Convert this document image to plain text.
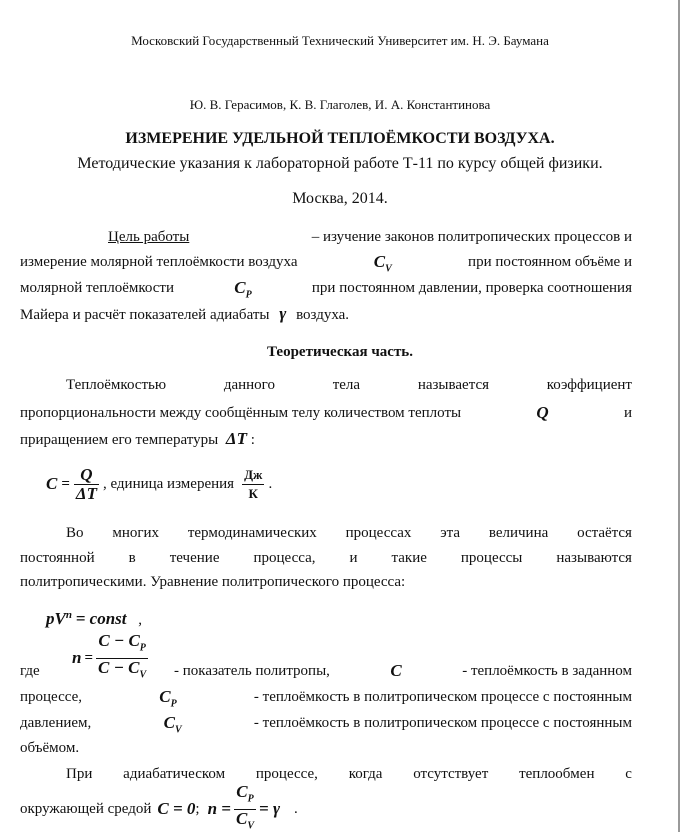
Московский Государственный Технический Университет им. Н. Э. Баумана
Ю. В. Герасимов, К. В. Глаголев, И. А. Константинова
ИЗМЕРЕНИЕ УДЕЛЬНОЙ ТЕПЛОЁМКОСТИ ВОЗДУХА.
Методические указания к лабораторной работе Т-11 по курсу общей физики.
Москва, 2014.
Цель работы	– изучение законов политропических процессов и
измерение молярной теплоёмкости воздуха	$C_V$	при постоянном объёме и
молярной теплоёмкости	$C_P$	при постоянном давлении, проверка соотношения
Майера и расчёт показателей адиабаты γ воздуха.
Теоретическая часть.
Теплоёмкостью	данного	тела	называется	коэффициент
пропорциональности между сообщённым телу количеством теплоты	Q	и
приращением его температуры ΔT :
$C = \frac{Q}{\Delta T}$ , единица измерения $\frac{Дж}{К}$ .
Во многих термодинамических процессах эта величина остаётся
постоянной в течение процесса, и такие процессы называются
политропическими. Уравнение политропического процесса:
$pV^n$ = const ,
где
$n = \frac{C - C_P}{C - C_V}$ - показатель политропы,	C	- теплоёмкость в заданном
процессе,	$C_P$	- теплоёмкость в политропическом процессе с постоянным
давлением,	$C_V$	- теплоёмкость в политропическом процессе с постоянным
объёмом.
При адиабатическом процессе, когда отсутствует теплообмен с
окружающей средой C = 0 ; $n = \frac{C_P}{C_V} = \gamma$ .
